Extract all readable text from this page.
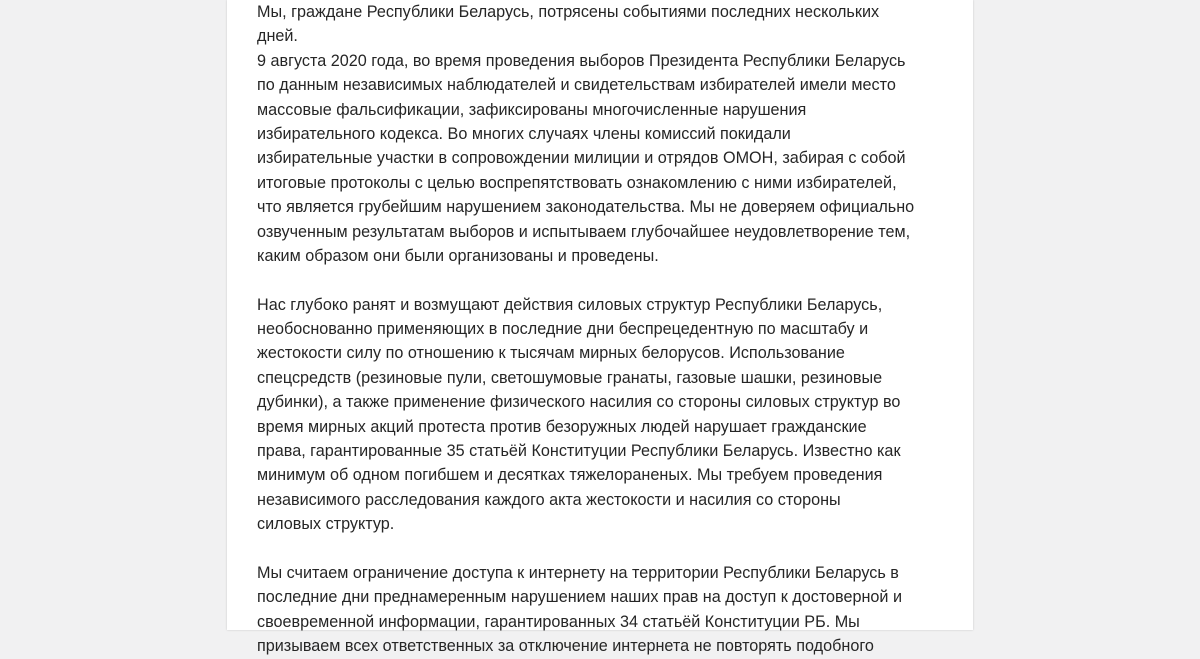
Мы, граждане Республики Беларусь, потрясены событиями последних нескольких
дней.
9 августа 2020 года, во время проведения выборов Президента Республики Беларусь
по данным независимых наблюдателей и свидетельствам избирателей имели место
массовые фальсификации, зафиксированы многочисленные нарушения
избирательного кодекса. Во многих случаях члены комиссий покидали
избирательные участки в сопровождении милиции и отрядов ОМОН, забирая с собой
итоговые протоколы с целью воспрепятствовать ознакомлению с ними избирателей,
что является грубейшим нарушением законодательства. Мы не доверяем официально
озвученным результатам выборов и испытываем глубочайшее неудовлетворение тем,
каким образом они были организованы и проведены.
Нас глубоко ранят и возмущают действия силовых структур Республики Беларусь,
необоснованно применяющих в последние дни беспрецедентную по масштабу и
жестокости силу по отношению к тысячам мирных белорусов. Использование
спецсредств (резиновые пули, светошумовые гранаты, газовые шашки, резиновые
дубинки), а также применение физического насилия со стороны силовых структур во
время мирных акций протеста против безоружных людей нарушает гражданские
права, гарантированные 35 статьёй Конституции Республики Беларусь. Известно как
минимум об одном погибшем и десятках тяжелораненых. Мы требуем проведения
независимого расследования каждого акта жестокости и насилия со стороны
силовых структур.
Мы считаем ограничение доступа к интернету на территории Республики Беларусь в
последние дни преднамеренным нарушением наших прав на доступ к достоверной и
своевременной информации, гарантированных 34 статьёй Конституции РБ. Мы
призываем всех ответственных за отключение интернета не повторять подобного
